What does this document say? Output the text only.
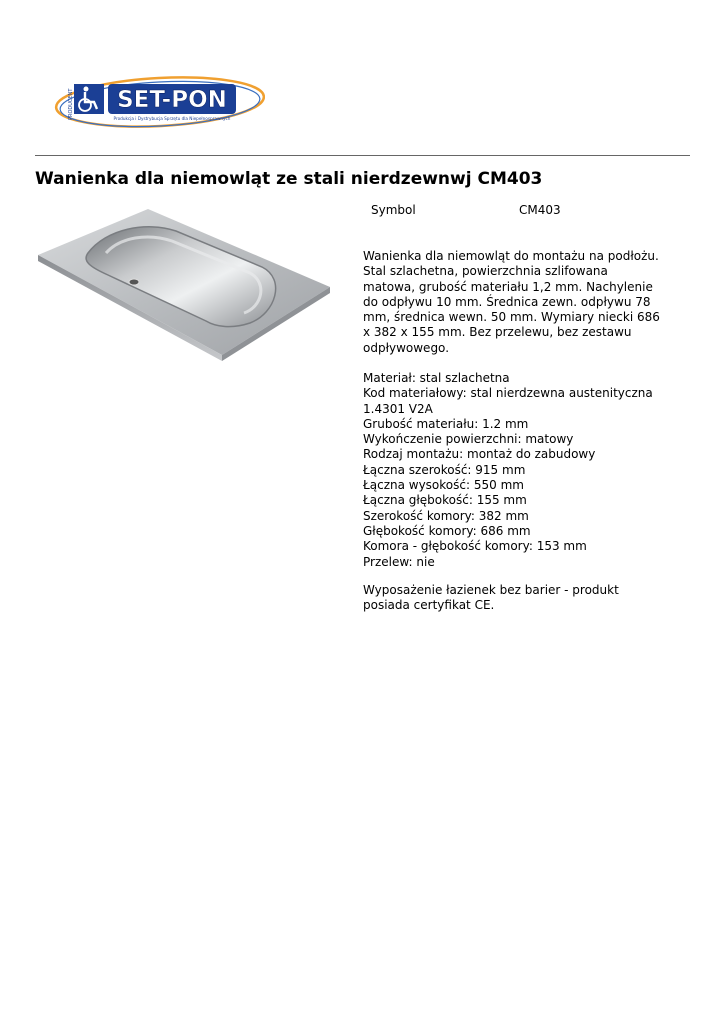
PRODUCENT SET-PON
Produkcja i Dystrybucja Sprzętu dla Niepełnosprawnych
Wanienka dla niemowląt ze stali nierdzewnwj CM403
Symbol	CM403
Wanienka dla niemowląt do montażu na podłożu.
Stal szlachetna, powierzchnia szlifowana
matowa, grubość materiału 1,2 mm. Nachylenie
do odpływu 10 mm. Średnica zewn. odpływu 78
mm, średnica wewn. 50 mm. Wymiary niecki 686
x 382 x 155 mm. Bez przelewu, bez zestawu
odpływowego.
Materiał: stal szlachetna
Kod materiałowy: stal nierdzewna austenityczna
1.4301 V2A
Grubość materiału: 1.2 mm
Wykończenie powierzchni: matowy
Rodzaj montażu: montaż do zabudowy
Łączna szerokość: 915 mm
Łączna wysokość: 550 mm
Łączna głębokość: 155 mm
Szerokość komory: 382 mm
Głębokość komory: 686 mm
Komora - głębokość komory: 153 mm
Przelew: nie
Wyposażenie łazienek bez barier - produkt
posiada certyfikat CE.
